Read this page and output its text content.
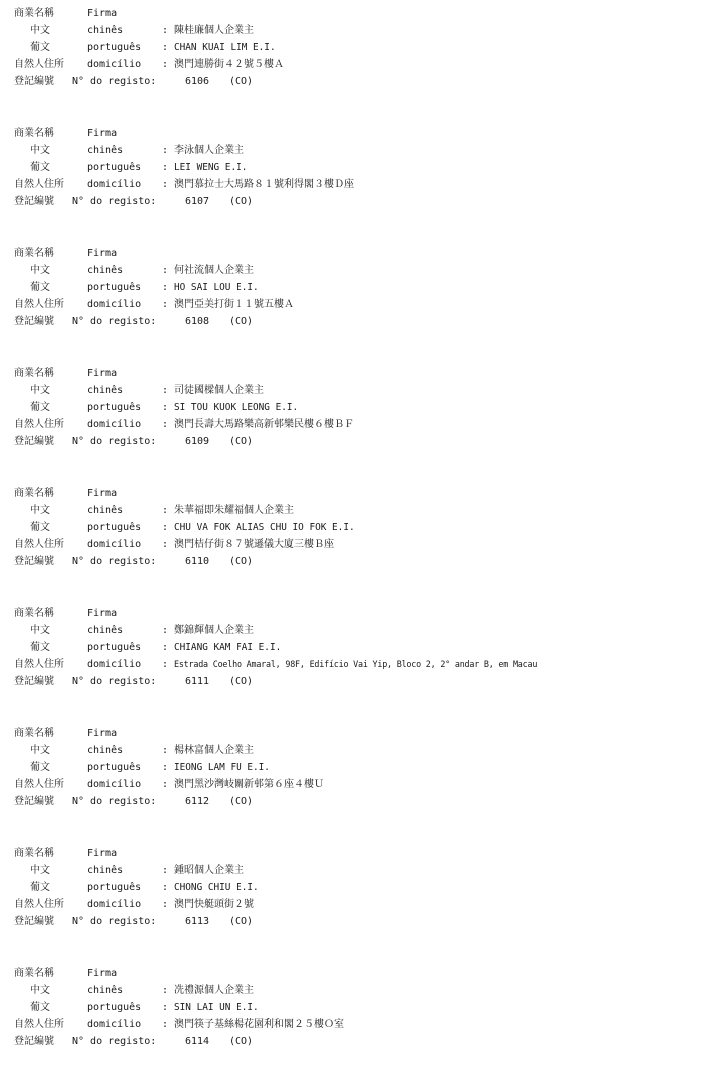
商業名稱	Firma
中文	chinês	: 陳桂廉個人企業主
葡文	português : CHAN KUAI LIM E.I.
自然人住所 domicílio : 澳門連勝街４２號５樓Ａ
登記編號 N° do registo:	6106 (CO)
商業名稱	Firma
中文	chinês	: 李泳個人企業主
葡文	português : LEI WENG E.I.
自然人住所 domicílio : 澳門慕拉士大馬路８１號利得閣３樓Ｄ座
登記編號 N° do registo:	6107 (CO)
商業名稱	Firma
中文	chinês	: 何社流個人企業主
葡文	português : HO SAI LOU E.I.
自然人住所 domicílio : 澳門亞美打街１１號五樓Ａ
登記編號 N° do registo:	6108 (CO)
商業名稱	Firma
中文	chinês	: 司徒國樑個人企業主
葡文	português : SI TOU KUOK LEONG E.I.
自然人住所 domicílio : 澳門長壽大馬路樂高新邨樂民樓６樓ＢＦ
登記編號 N° do registo:	6109 (CO)
商業名稱	Firma
中文	chinês	: 朱華福即朱耀福個人企業主
葡文	português : CHU VA FOK ALIAS CHU IO FOK E.I.
自然人住所 domicílio : 澳門桔仔街８７號遜儀大廈三樓Ｂ座
登記編號 N° do registo:	6110 (CO)
商業名稱	Firma
中文	chinês	: 鄭錦輝個人企業主
葡文	português : CHIANG KAM FAI E.I.
自然人住所 domicílio : Estrada Coelho Amaral, 98F, Edifício Vai Yip, Bloco 2, 2° andar B, em Macau
登記編號 N° do registo:	6111 (CO)
商業名稱	Firma
中文	chinês	: 楊林富個人企業主
葡文	português : IEONG LAM FU E.I.
自然人住所 domicílio : 澳門黑沙灣岐關新邨第６座４樓Ｕ
登記編號 N° do registo:	6112 (CO)
商業名稱	Firma
中文	chinês	: 鍾昭個人企業主
葡文	português : CHONG CHIU E.I.
自然人住所 domicílio : 澳門快艇頭街２號
登記編號 N° do registo:	6113 (CO)
商業名稱	Firma
中文	chinês	: 冼禮源個人企業主
葡文	português : SIN LAI UN E.I.
自然人住所 domicílio : 澳門筷子基絲楊花園利和閣２５樓Ｏ室
登記編號 N° do registo:	6114 (CO)
